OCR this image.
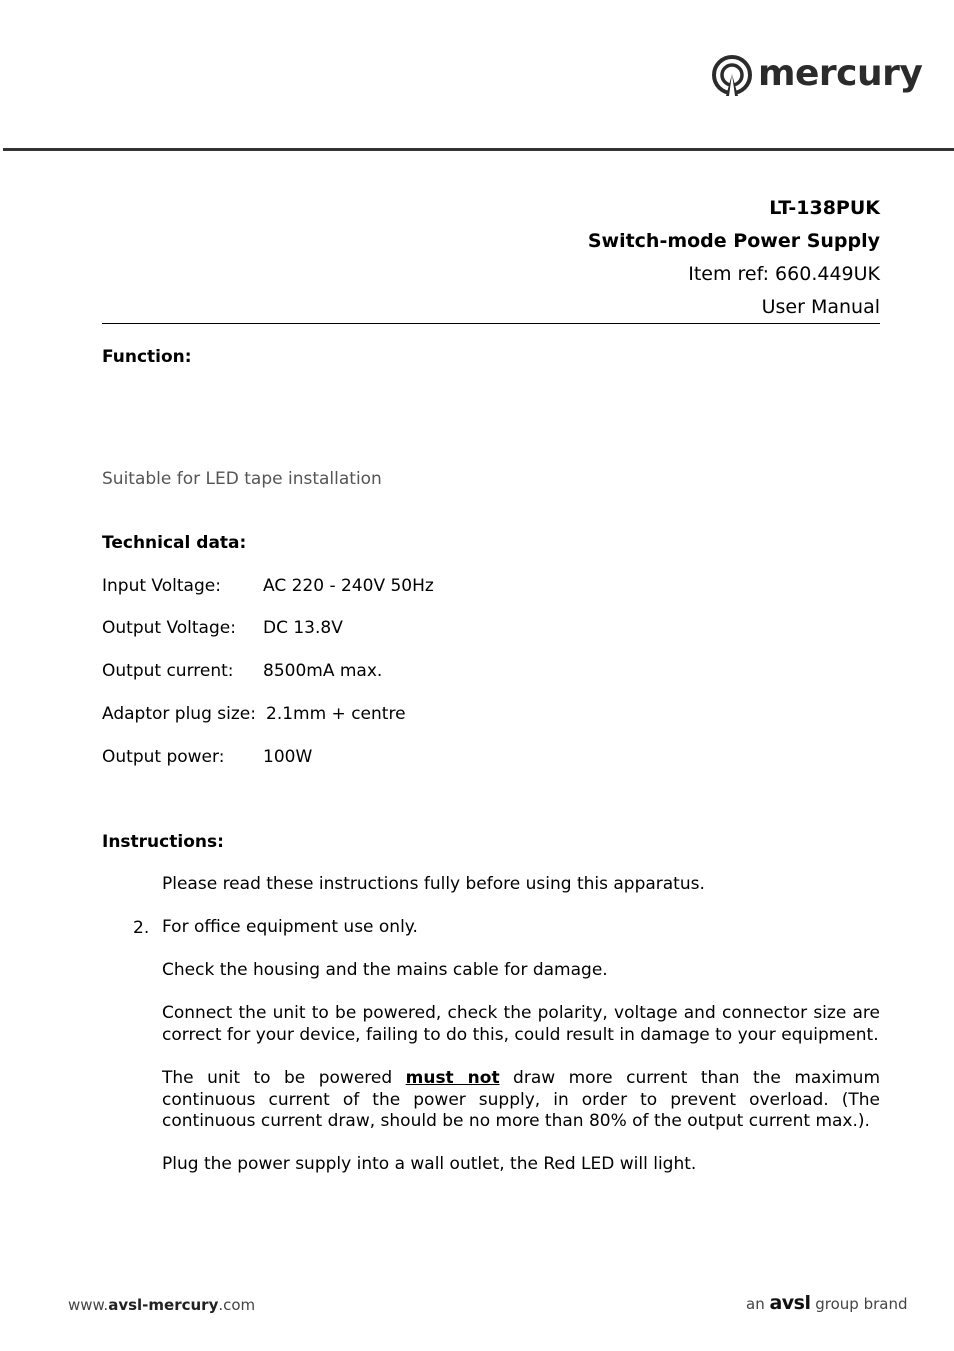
mercury
LT-138PUK
Switch-mode Power Supply
Item ref: 660.449UK
User Manual
Function:
Suitable for LED tape installation
Technical data:
Input Voltage: AC 220 - 240V 50Hz
Output Voltage: DC 13.8V
Output current: 8500mA max.
Adaptor plug size: 2.1mm + centre
Output power: 100W
Instructions:
Please read these instructions fully before using this apparatus.
2. For office equipment use only.
Check the housing and the mains cable for damage.
Connect the unit to be powered, check the polarity, voltage and connector size are correct for your device, failing to do this, could result in damage to your equipment.
The unit to be powered must not draw more current than the maximum continuous current of the power supply, in order to prevent overload. (The continuous current draw, should be no more than 80% of the output current max.).
Plug the power supply into a wall outlet, the Red LED will light.
www.avsl-mercury.com	an avsl group brand
